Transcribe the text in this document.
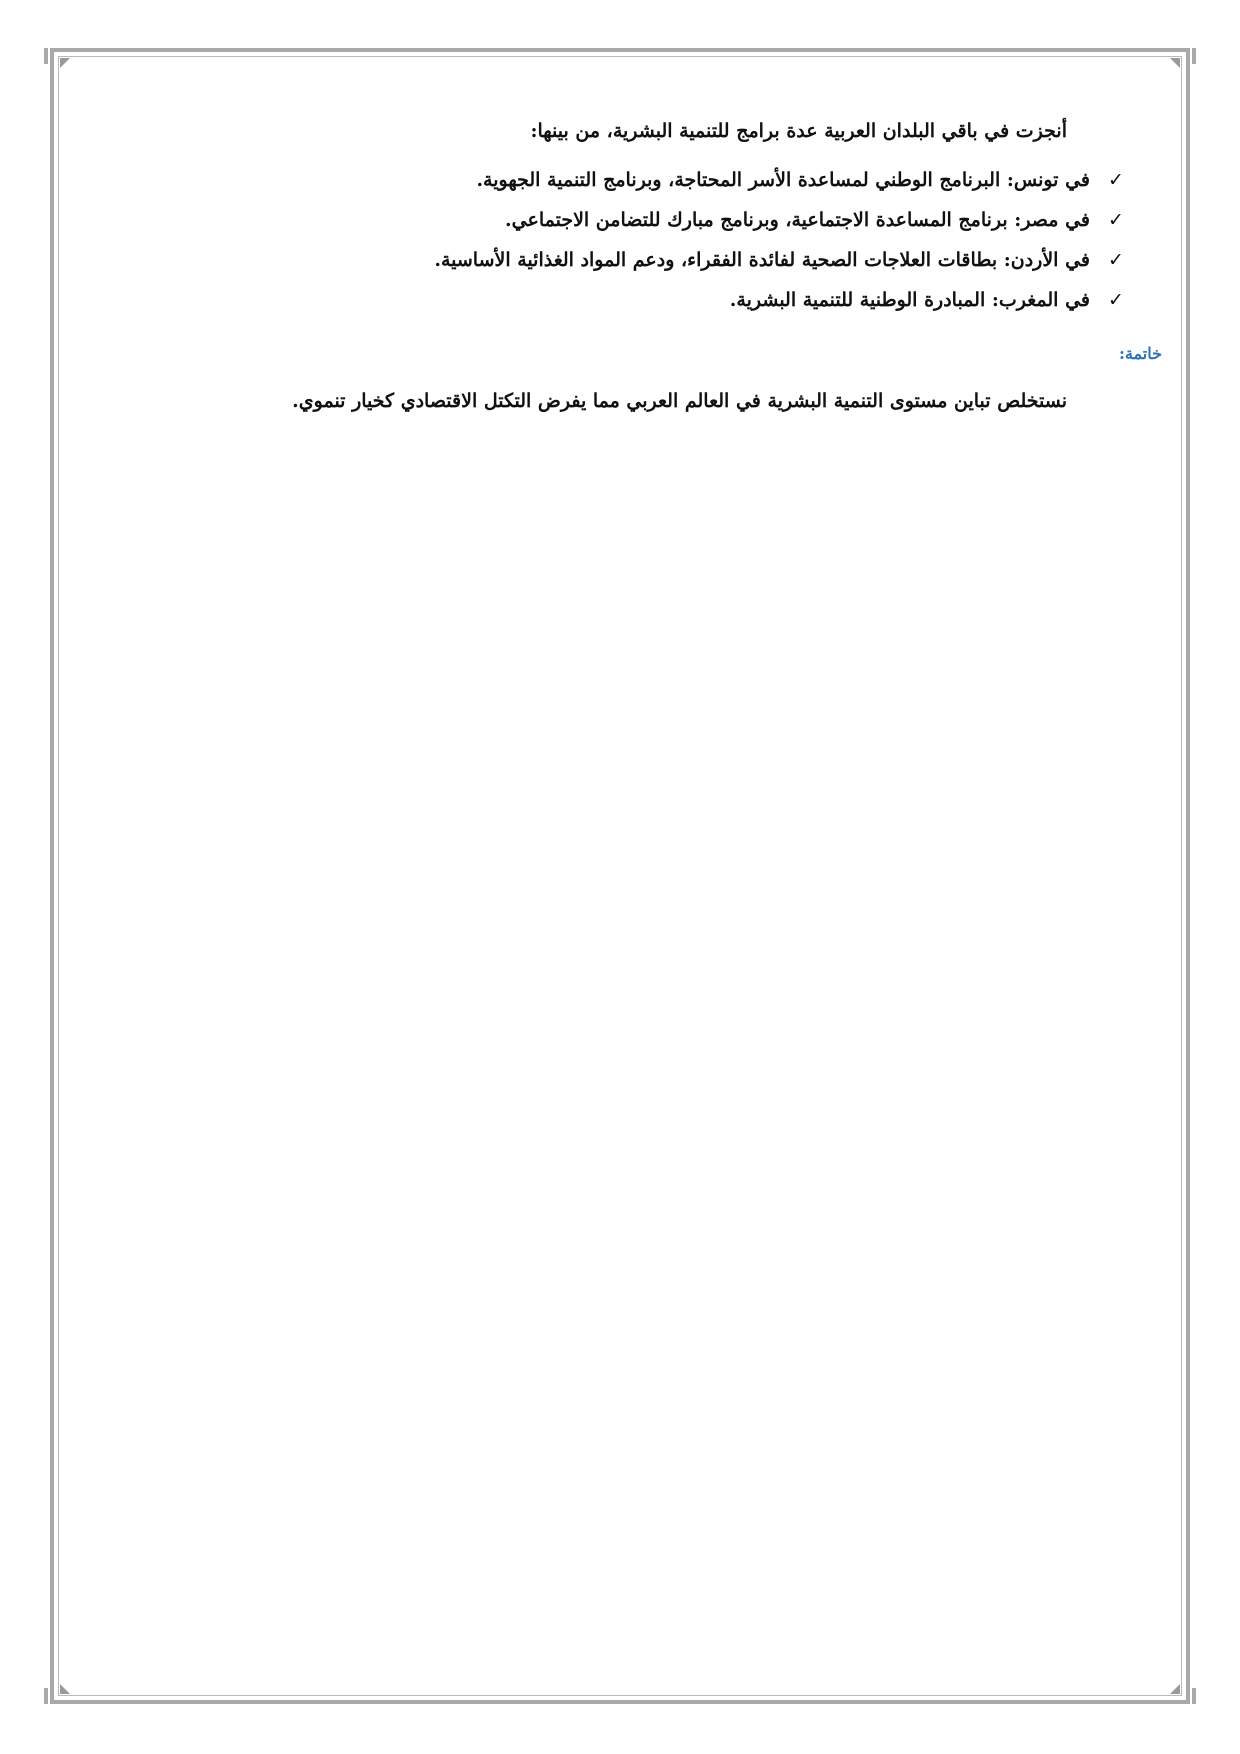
أنجزت في باقي البلدان العربية عدة برامج للتنمية البشرية، من بينها:
✓
في تونس: البرنامج الوطني لمساعدة الأسر المحتاجة، وبرنامج التنمية الجهوية.
✓
في مصر: برنامج المساعدة الاجتماعية، وبرنامج مبارك للتضامن الاجتماعي.
✓
في الأردن: بطاقات العلاجات الصحية لفائدة الفقراء، ودعم المواد الغذائية الأساسية.
✓
في المغرب: المبادرة الوطنية للتنمية البشرية.
خاتمة:
نستخلص تباين مستوى التنمية البشرية في العالم العربي مما يفرض التكتل الاقتصادي كخيار تنموي.
